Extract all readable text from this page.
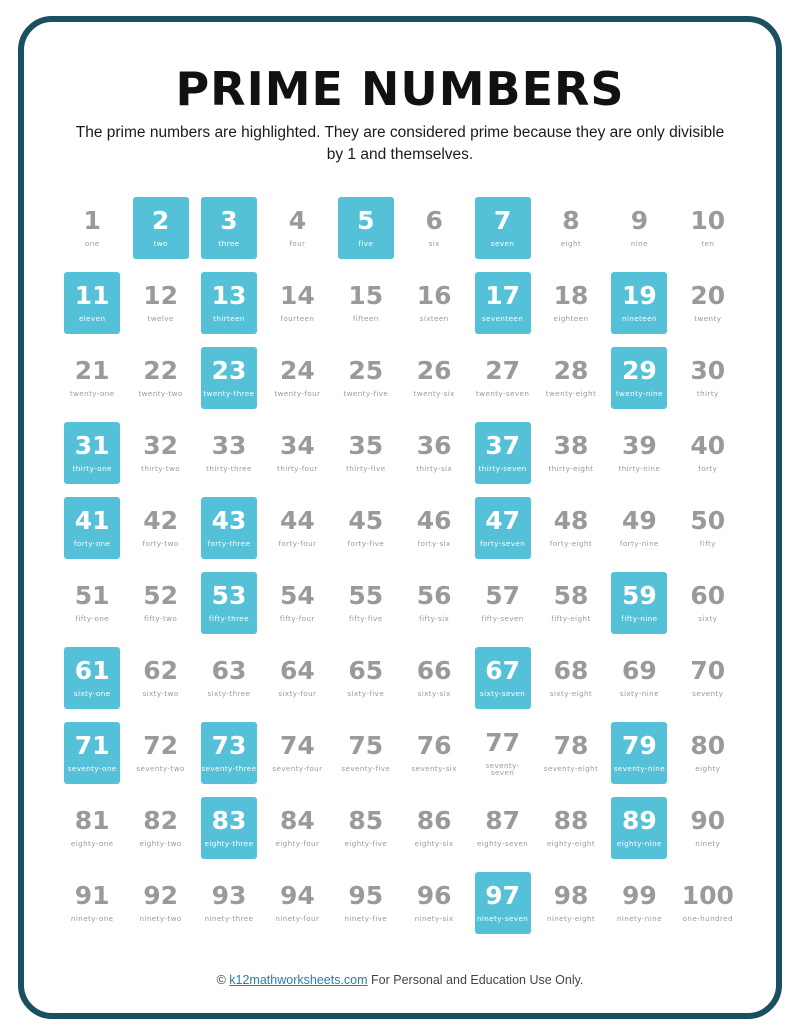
PRIME NUMBERS

The prime numbers are highlighted. They are considered prime because they are only divisible by 1 and themselves.

1
one
2
two
3
three
4
four
5
five
6
six
7
seven
8
eight
9
nine
10
ten
11
eleven
12
twelve
13
thirteen
14
fourteen
15
fifteen
16
sixteen
17
seventeen
18
eighteen
19
nineteen
20
twenty
21
twenty-one
22
twenty-two
23
twenty-three
24
twenty-four
25
twenty-five
26
twenty-six
27
twenty-seven
28
twenty-eight
29
twenty-nine
30
thirty
31
thirty-one
32
thirty-two
33
thirty-three
34
thirty-four
35
thirty-five
36
thirty-six
37
thirty-seven
38
thirty-eight
39
thirty-nine
40
forty
41
forty-one
42
forty-two
43
forty-three
44
forty-four
45
forty-five
46
forty-six
47
forty-seven
48
forty-eight
49
forty-nine
50
fifty
51
fifty-one
52
fifty-two
53
fifty-three
54
fifty-four
55
fifty-five
56
fifty-six
57
fifty-seven
58
fifty-eight
59
fifty-nine
60
sixty
61
sixty-one
62
sixty-two
63
sixty-three
64
sixty-four
65
sixty-five
66
sixty-six
67
sixty-seven
68
sixty-eight
69
sixty-nine
70
seventy
71
seventy-one
72
seventy-two
73
seventy-three
74
seventy-four
75
seventy-five
76
seventy-six
77
seventy-seven
78
seventy-eight
79
seventy-nine
80
eighty
81
eighty-one
82
eighty-two
83
eighty-three
84
eighty-four
85
eighty-five
86
eighty-six
87
eighty-seven
88
eighty-eight
89
eighty-nine
90
ninety
91
ninety-one
92
ninety-two
93
ninety-three
94
ninety-four
95
ninety-five
96
ninety-six
97
ninety-seven
98
ninety-eight
99
ninety-nine
100
one-hundred
© k12mathworksheets.com For Personal and Education Use Only.
